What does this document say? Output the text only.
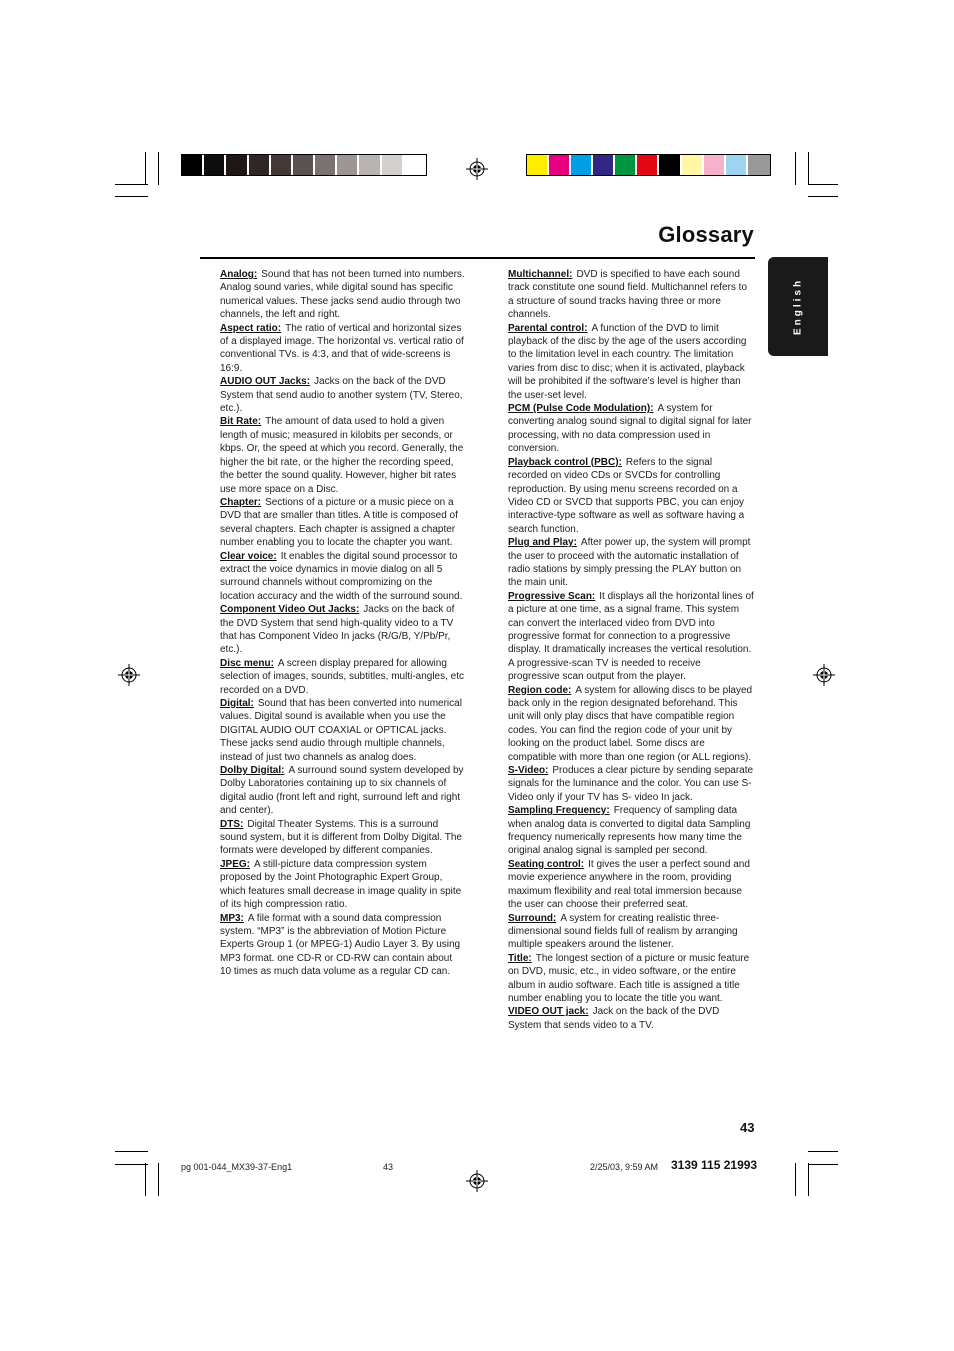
Glossary
English

Analog: Sound that has not been turned into numbers. Analog sound varies, while digital sound has specific numerical values. These jacks send audio through two channels, the left and right.

Aspect ratio: The ratio of vertical and horizontal sizes of a displayed image. The horizontal vs. vertical ratio of conventional TVs. is 4:3, and that of wide-screens is 16:9.

AUDIO OUT Jacks: Jacks on the back of the DVD System that send audio to another system (TV, Stereo, etc.).

Bit Rate: The amount of data used to hold a given length of music; measured in kilobits per seconds, or kbps. Or, the speed at which you record. Generally, the higher the bit rate, or the higher the recording speed, the better the sound quality. However, higher bit rates use more space on a Disc.

Chapter: Sections of a picture or a music piece on a DVD that are smaller than titles. A title is composed of several chapters. Each chapter is assigned a chapter number enabling you to locate the chapter you want.

Clear voice: It enables the digital sound processor to extract the voice dynamics in movie dialog on all 5 surround channels without compromizing on the location accuracy and the width of the surround sound.

Component Video Out Jacks: Jacks on the back of the DVD System that send high-quality video to a TV that has Component Video In jacks (R/G/B, Y/Pb/Pr, etc.).

Disc menu: A screen display prepared for allowing selection of images, sounds, subtitles, multi-angles, etc recorded on a DVD.

Digital: Sound that has been converted into numerical values. Digital sound is available when you use the DIGITAL AUDIO OUT COAXIAL or OPTICAL jacks. These jacks send audio through multiple channels, instead of just two channels as analog does.

Dolby Digital: A surround sound system developed by Dolby Laboratories containing up to six channels of digital audio (front left and right, surround left and right and center).

DTS: Digital Theater Systems. This is a surround sound system, but it is different from Dolby Digital. The formats were developed by different companies.

JPEG: A still-picture data compression system proposed by the Joint Photographic Expert Group, which features small decrease in image quality in spite of its high compression ratio.

MP3: A file format with a sound data compression system. “MP3” is the abbreviation of Motion Picture Experts Group 1 (or MPEG-1) Audio Layer 3. By using MP3 format. one CD-R or CD-RW can contain about 10 times as much data volume as a regular CD can.

Multichannel: DVD is specified to have each sound track constitute one sound field. Multichannel refers to a structure of sound tracks having three or more channels.

Parental control: A function of the DVD to limit playback of the disc by the age of the users according to the limitation level in each country. The limitation varies from disc to disc; when it is activated, playback will be prohibited if the software’s level is higher than the user-set level.

PCM (Pulse Code Modulation): A system for converting analog sound signal to digital signal for later processing, with no data compression used in conversion.

Playback control (PBC): Refers to the signal recorded on video CDs or SVCDs for controlling reproduction. By using menu screens recorded on a Video CD or SVCD that supports PBC, you can enjoy interactive-type software as well as software having a search function.

Plug and Play: After power up, the system will prompt the user to proceed with the automatic installation of radio stations by simply pressing the PLAY button on the main unit.

Progressive Scan: It displays all the horizontal lines of a picture at one time, as a signal frame. This system can convert the interlaced video from DVD into progressive format for connection to a progressive display. It dramatically increases the vertical resolution. A progressive-scan TV is needed to receive progressive scan output from the player.

Region code: A system for allowing discs to be played back only in the region designated beforehand. This unit will only play discs that have compatible region codes. You can find the region code of your unit by looking on the product label. Some discs are compatible with more than one region (or ALL regions).

S-Video: Produces a clear picture by sending separate signals for the luminance and the color. You can use S-Video only if your TV has S- video In jack.

Sampling Frequency: Frequency of sampling data when analog data is converted to digital data Sampling frequency numerically represents how many time the original analog signal is sampled per second.

Seating control: It gives the user a perfect sound and movie experience anywhere in the room, providing maximum flexibility and real total immersion because the user can choose their preferred seat.

Surround: A system for creating realistic three-dimensional sound fields full of realism by arranging multiple speakers around the listener.

Title: The longest section of a picture or music feature on DVD, music, etc., in video software, or the entire album in audio software. Each title is assigned a title number enabling you to locate the title you want.

VIDEO OUT jack: Jack on the back of the DVD System that sends video to a TV.

43
pg 001-044_MX39-37-Eng1	43	2/25/03, 9:59 AM 3139 115 21993
